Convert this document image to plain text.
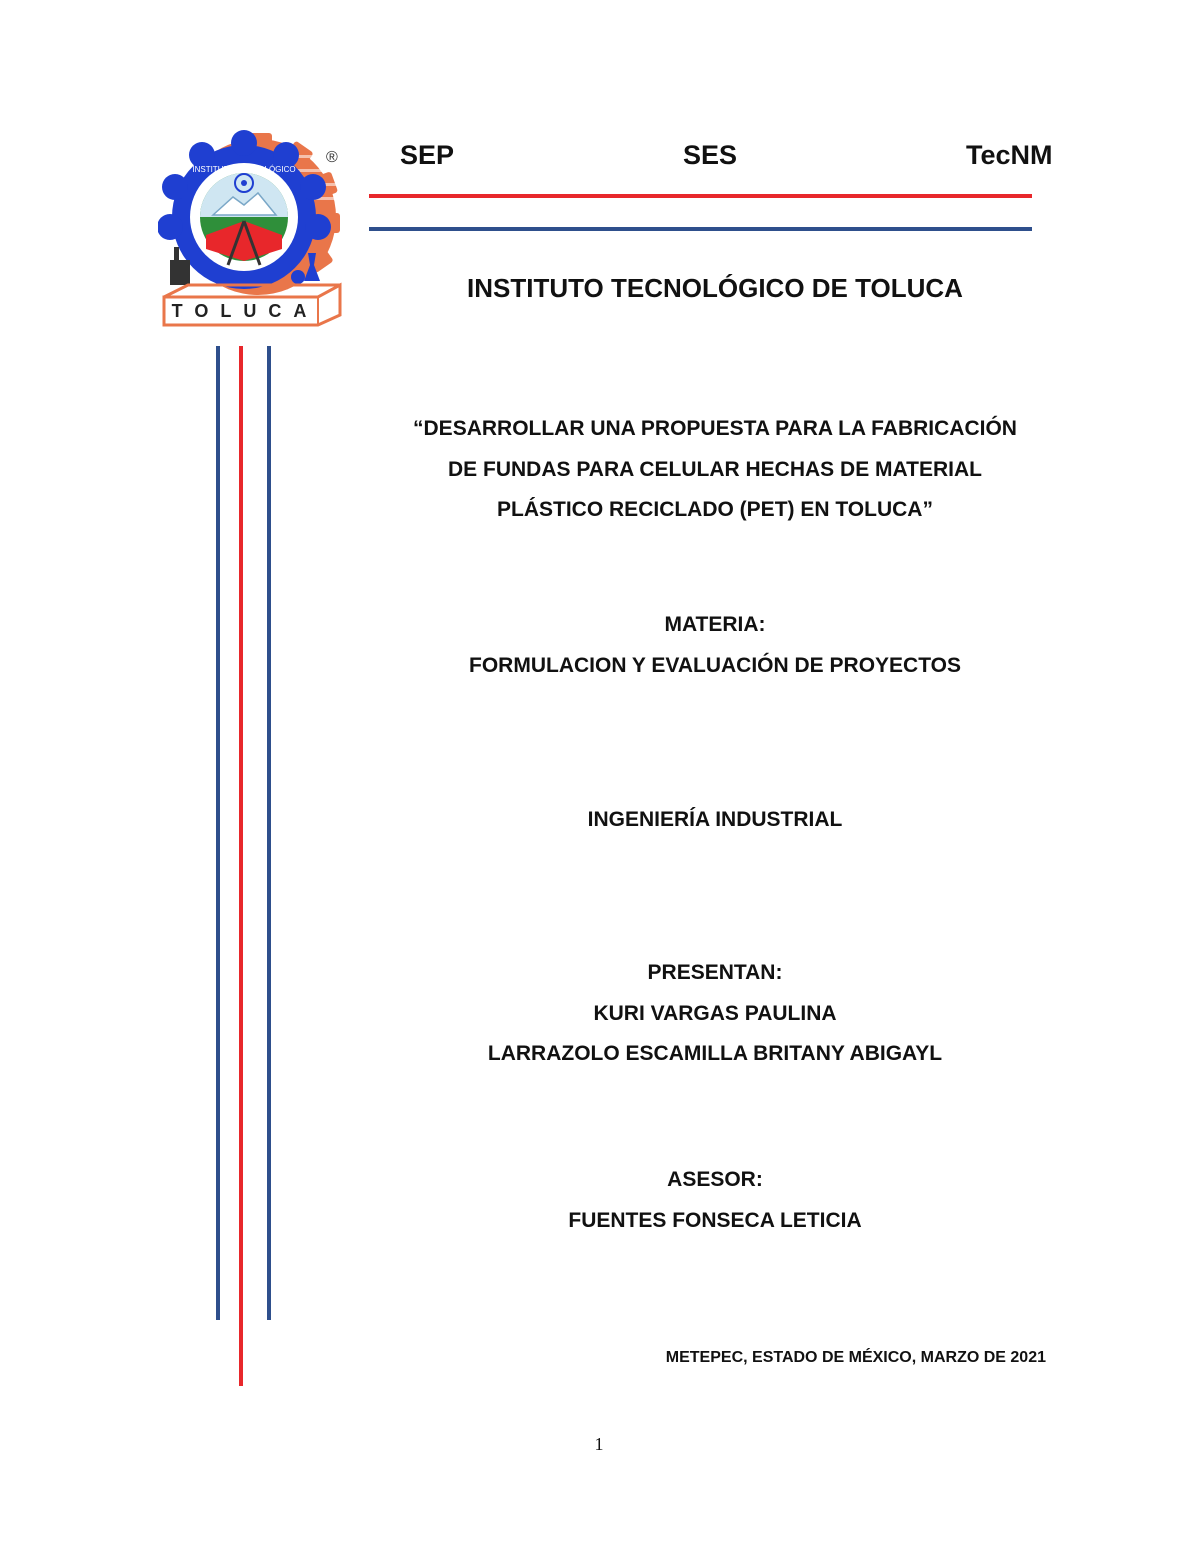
INSTITUTO TECNOLÓGICO
TOLUCA
® SEP	SES	TecNM
INSTITUTO TECNOLÓGICO DE TOLUCA
“DESARROLLAR UNA PROPUESTA PARA LA FABRICACIÓN
DE FUNDAS PARA CELULAR HECHAS DE MATERIAL
PLÁSTICO RECICLADO (PET) EN TOLUCA”
MATERIA:
FORMULACION Y EVALUACIÓN DE PROYECTOS
INGENIERÍA INDUSTRIAL
PRESENTAN:
KURI VARGAS PAULINA
LARRAZOLO ESCAMILLA BRITANY ABIGAYL
ASESOR:
FUENTES FONSECA LETICIA
METEPEC, ESTADO DE MÉXICO, MARZO DE 2021
1
